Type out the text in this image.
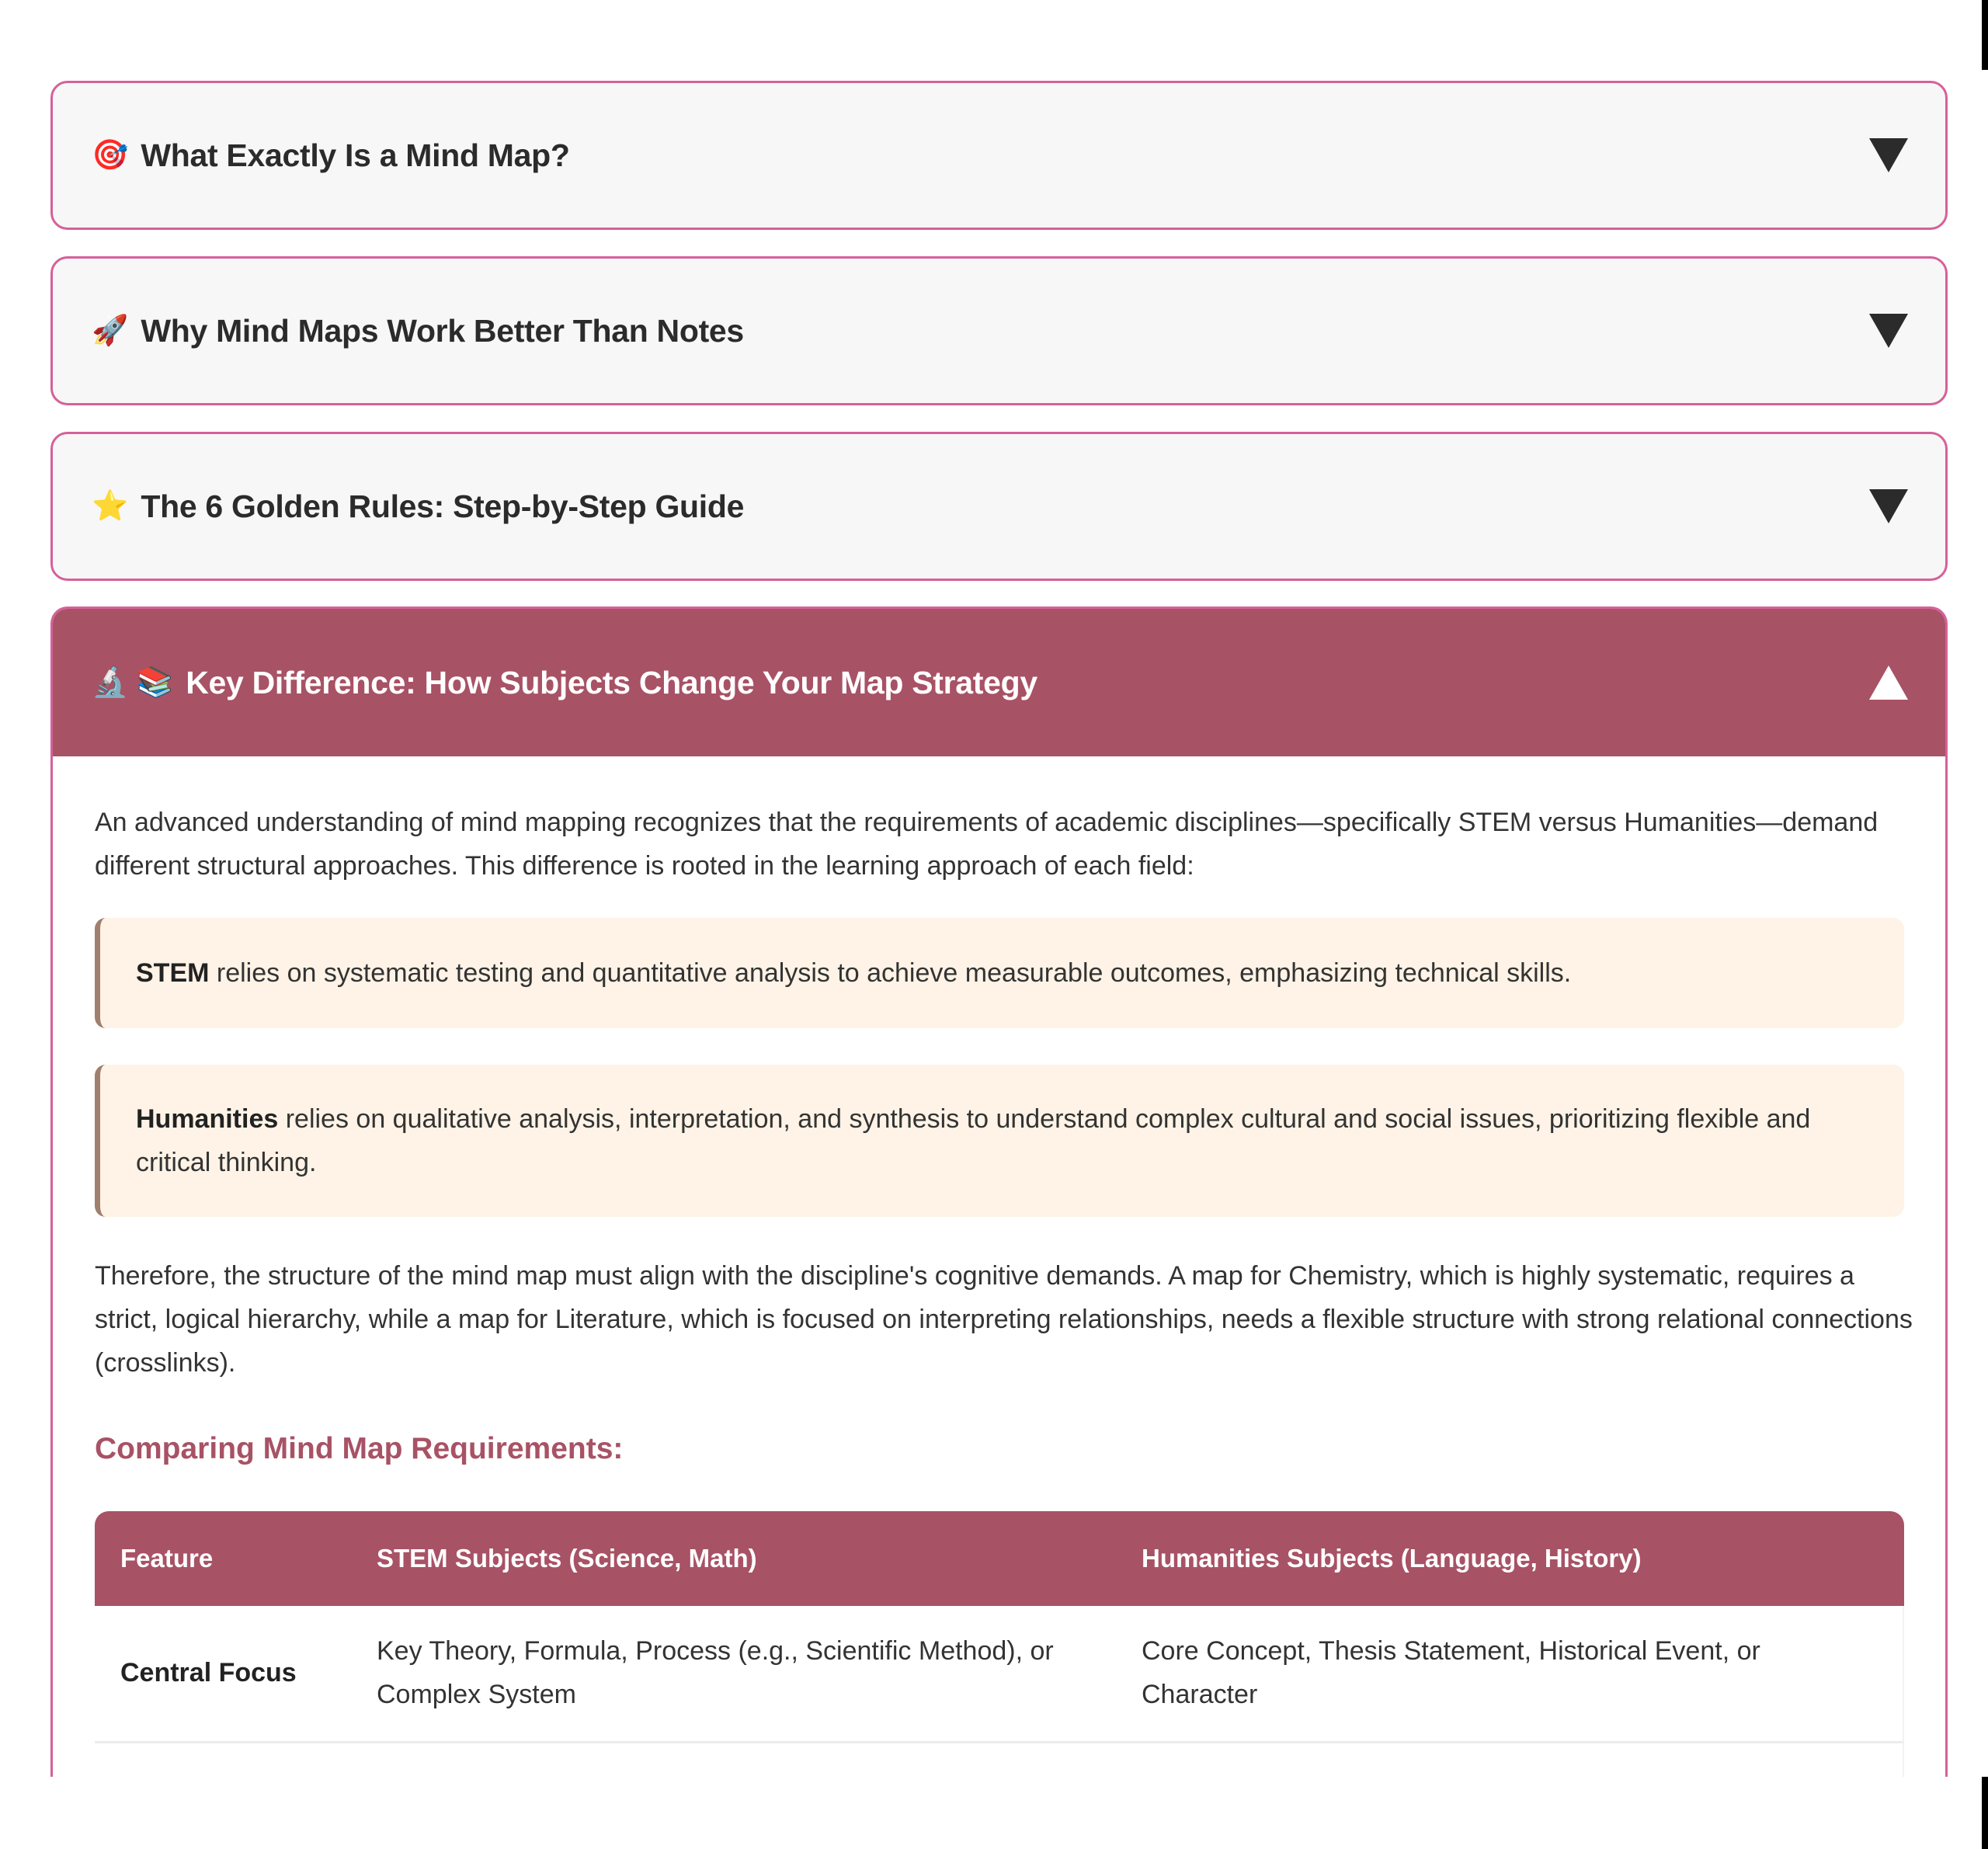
🎯 What Exactly Is a Mind Map?
🚀 Why Mind Maps Work Better Than Notes
⭐ The 6 Golden Rules: Step-by-Step Guide
🔬 📚 Key Difference: How Subjects Change Your Map Strategy

An advanced understanding of mind mapping recognizes that the requirements of academic disciplines—specifically STEM versus Humanities—demand different structural approaches. This difference is rooted in the learning approach of each field:

STEM relies on systematic testing and quantitative analysis to achieve measurable outcomes, emphasizing technical skills.
Humanities relies on qualitative analysis, interpretation, and synthesis to understand complex cultural and social issues, prioritizing flexible and critical thinking.

Therefore, the structure of the mind map must align with the discipline's cognitive demands. A map for Chemistry, which is highly systematic, requires a strict, logical hierarchy, while a map for Literature, which is focused on interpreting relationships, needs a flexible structure with strong relational connections (crosslinks).

Comparing Mind Map Requirements:
Feature	STEM Subjects (Science, Math)	Humanities Subjects (Language, History)
Central Focus	Key Theory, Formula, Process (e.g., Scientific Method), or Complex System	Core Concept, Thesis Statement, Historical Event, or Character
